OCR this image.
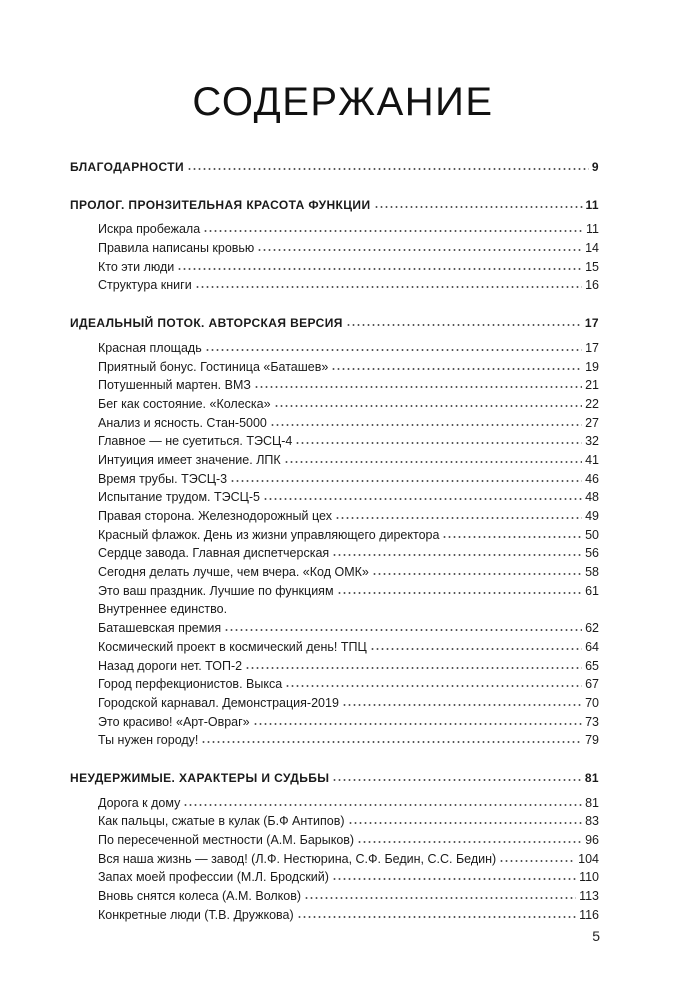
СОДЕРЖАНИЕ
БЛАГОДАРНОСТИ	9
ПРОЛОГ. ПРОНЗИТЕЛЬНАЯ КРАСОТА ФУНКЦИИ	11
Искра пробежала	11
Правила написаны кровью	14
Кто эти люди	15
Структура книги	16
ИДЕАЛЬНЫЙ ПОТОК. АВТОРСКАЯ ВЕРСИЯ	17
Красная площадь	17
Приятный бонус. Гостиница «Баташев»	19
Потушенный мартен. ВМЗ	21
Бег как состояние. «Колеска»	22
Анализ и ясность. Стан-5000	27
Главное — не суетиться. ТЭСЦ-4	32
Интуиция имеет значение. ЛПК	41
Время трубы. ТЭСЦ-3	46
Испытание трудом. ТЭСЦ-5	48
Правая сторона. Железнодорожный цех	49
Красный флажок. День из жизни управляющего директора	50
Сердце завода. Главная диспетчерская	56
Сегодня делать лучше, чем вчера. «Код ОМК»	58
Это ваш праздник. Лучшие по функциям	61
Внутреннее единство.
Баташевская премия	62
Космический проект в космический день! ТПЦ	64
Назад дороги нет. ТОП-2	65
Город перфекционистов. Выкса	67
Городской карнавал. Демонстрация-2019	70
Это красиво! «Арт-Овраг»	73
Ты нужен городу!	79
НЕУДЕРЖИМЫЕ. ХАРАКТЕРЫ И СУДЬБЫ	81
Дорога к дому	81
Как пальцы, сжатые в кулак (Б.Ф Антипов)	83
По пересеченной местности (А.М. Барыков)	96
Вся наша жизнь — завод! (Л.Ф. Нестюрина, С.Ф. Бедин, С.С. Бедин)	104
Запах моей профессии (М.Л. Бродский)	110
Вновь снятся колеса (А.М. Волков)	113
Конкретные люди (Т.В. Дружкова)	116
5
